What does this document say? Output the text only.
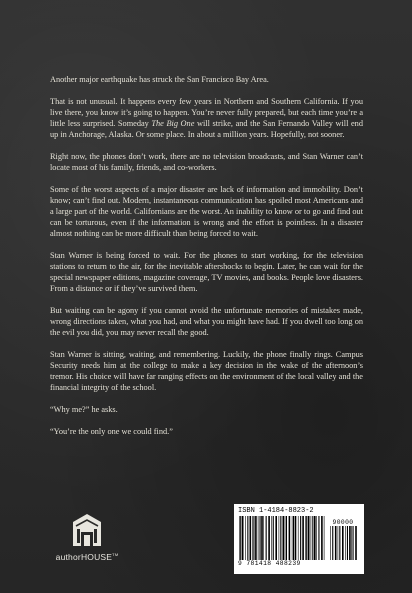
Another major earthquake has struck the San Francisco Bay Area.

That is not unusual. It happens every few years in Northern and Southern California. If you live there, you know it’s going to happen. You’re never fully prepared, but each time you’re a little less surprised. Someday The Big One will strike, and the San Fernando Valley will end up in Anchorage, Alaska. Or some place. In about a million years. Hopefully, not sooner.

Right now, the phones don’t work, there are no television broadcasts, and Stan Warner can’t locate most of his family, friends, and co-workers.

Some of the worst aspects of a major disaster are lack of information and immobility. Don’t know; can’t find out. Modern, instantaneous communication has spoiled most Americans and a large part of the world. Californians are the worst. An inability to know or to go and find out can be torturous, even if the information is wrong and the effort is pointless. In a disaster almost nothing can be more difficult than being forced to wait.

Stan Warner is being forced to wait. For the phones to start working, for the television stations to return to the air, for the inevitable aftershocks to begin. Later, he can wait for the special newspaper editions, magazine coverage, TV movies, and books. People love disasters. From a distance or if they’ve survived them.

But waiting can be agony if you cannot avoid the unfortunate memories of mistakes made, wrong directions taken, what you had, and what you might have had. If you dwell too long on the evil you did, you may never recall the good.

Stan Warner is sitting, waiting, and remembering. Luckily, the phone finally rings. Campus Security needs him at the college to make a key decision in the wake of the afternoon’s tremor. His choice will have far ranging effects on the environment of the local valley and the financial integrity of the school.

“Why me?” he asks.

“You’re the only one we could find.”

authorHOUSE™
ISBN 1-4184-8823-2
90000
9 781418 488239
